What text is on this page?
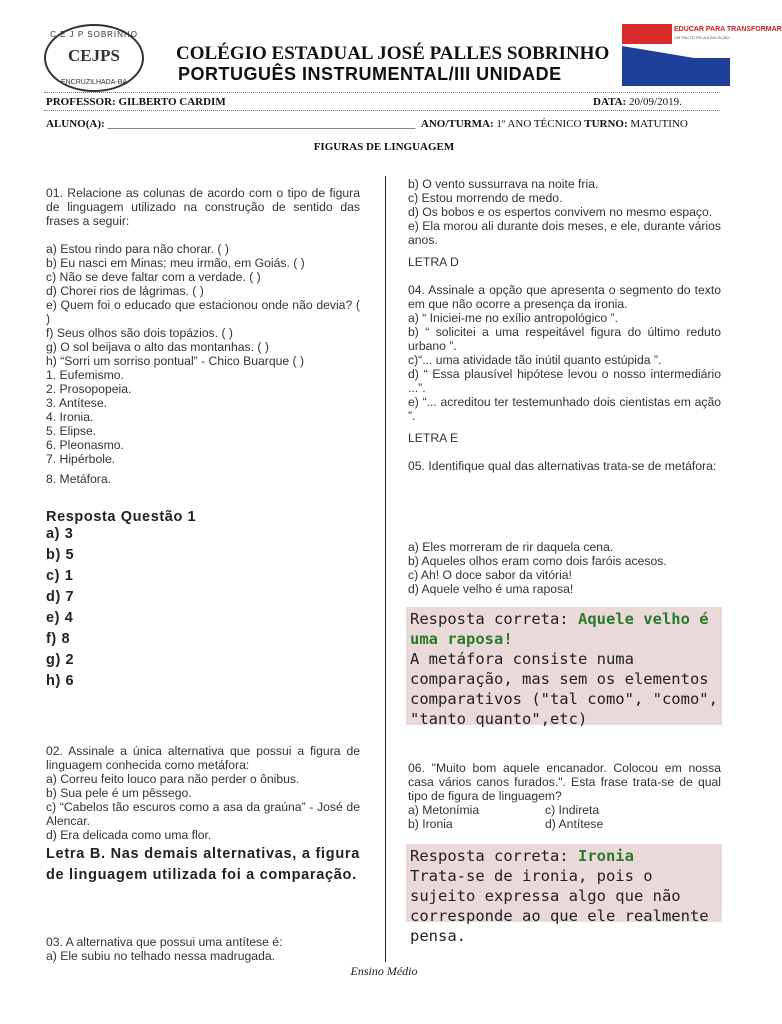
C E J P SOBRINHO
CEJPS
ENCRUZILHADA-BA
EDUCAR PARA TRANSFORMAR
UM PACTO PELA EDUCAÇÃO
COLÉGIO ESTADUAL JOSÉ PALLES SOBRINHO
PORTUGUÊS INSTRUMENTAL/III UNIDADE
PROFESSOR: GILBERTO CARDIM	DATA: 20/09/2019.
ALUNO(A): ________________________________________________________ ANO/TURMA: 1º ANO TÉCNICO TURNO: MATUTINO
FIGURAS DE LINGUAGEM

01. Relacione as colunas de acordo com o tipo de figura de linguagem utilizado na construção de sentido das frases a seguir:

a) Estou rindo para não chorar. ( )

b) Eu nasci em Minas; meu irmão, em Goiás. ( )

c) Não se deve faltar com a verdade. ( )

d) Chorei rios de lágrimas. ( )

e) Quem foi o educado que estacionou onde não devia? ( )

f) Seus olhos são dois topázios. ( )

g) O sol beijava o alto das montanhas. ( )

h) “Sorri um sorriso pontual” - Chico Buarque ( )

1. Eufemismo.

2. Prosopopeia.

3. Antítese.

4. Ironia.

5. Elipse.

6. Pleonasmo.

7. Hipérbole.

8. Metáfora.

Resposta Questão 1

a) 3

b) 5

c) 1

d) 7

e) 4

f) 8

g) 2

h) 6

02. Assinale a única alternativa que possui a figura de linguagem conhecida como metáfora:

a) Correu feito louco para não perder o ônibus.

b) Sua pele é um pêssego.

c) “Cabelos tão escuros como a asa da graúna” - José de Alencar.

d) Era delicada como uma flor.

Letra B. Nas demais alternativas, a figura de linguagem utilizada foi a comparação.

03. A alternativa que possui uma antítese é:

a) Ele subiu no telhado nessa madrugada.

b) O vento sussurrava na noite fria.

c) Estou morrendo de medo.

d) Os bobos e os espertos convivem no mesmo espaço.

e) Ela morou ali durante dois meses, e ele, durante vários anos.

LETRA D

04. Assinale a opção que apresenta o segmento do texto em que não ocorre a presença da ironia.

a) “ Iniciei-me no exílio antropológico ”.

b) “ solicitei a uma respeitável figura do último reduto urbano ”.

c)“... uma atividade tão inútil quanto estúpida ”.

d) “ Essa plausível hipótese levou o nosso intermediário ...”.

e) “... acreditou ter testemunhado dois cientistas em ação ”.

LETRA E

05. Identifique qual das alternativas trata-se de metáfora:

a) Eles morreram de rir daquela cena.

b) Aqueles olhos eram como dois faróis acesos.

c) Ah! O doce sabor da vitória!

d) Aquele velho é uma raposa!

Resposta correta: Aquele velho é uma raposa!
A metáfora consiste numa comparação, mas sem os elementos comparativos ("tal como", "como", "tanto quanto",etc)

06. "Muito bom aquele encanador. Colocou em nossa casa vários canos furados.". Esta frase trata-se de qual tipo de figura de linguagem?

a) Metonímia	c) Indireta
b) Ironia	d) Antítese
Resposta correta: Ironia
Trata-se de ironia, pois o sujeito expressa algo que não corresponde ao que ele realmente pensa.
Ensino Médio
